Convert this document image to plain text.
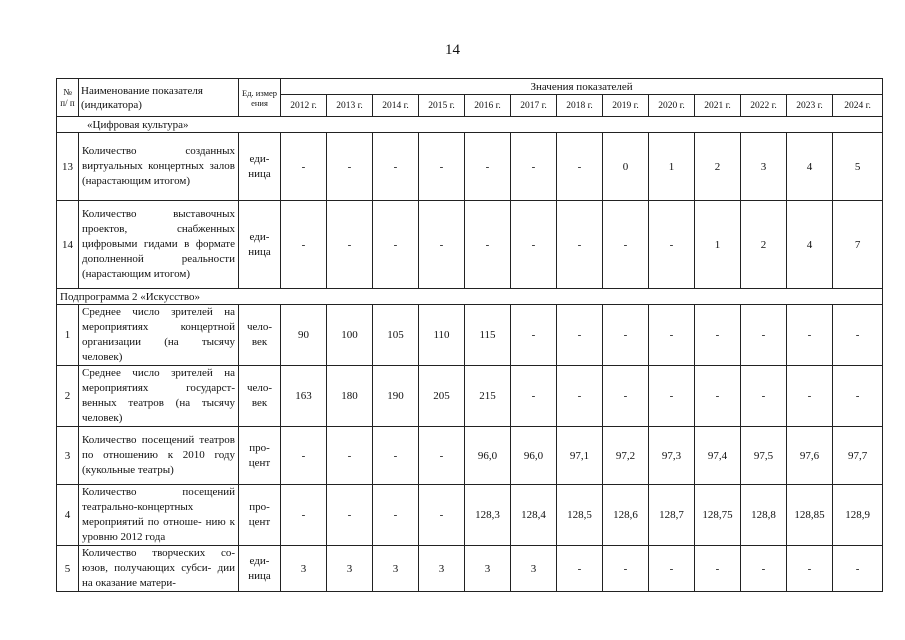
14
№ п/ п	Наименование показателя (индикатора)	Ед. измер ения	Значения показателей												
			2012 г.	2013 г.	2014 г.	2015 г.	2016 г.	2017 г.	2018 г.	2019 г.	2020 г.	2021 г.	2022 г.	2023 г.	2024 г.
«Цифровая культура»															
13	Количество созданных виртуальных концертных залов (нарастающим итогом)	еди- ница	-	-	-	-	-	-	-	0	1	2	3	4	5
14	Количество выставочных проектов, снабженных цифровыми гидами в формате дополненной реальности (нарастающим итогом)	еди- ница	-	-	-	-	-	-	-	-	-	1	2	4	7
Подпрограмма 2 «Искусство»															
1	Среднее число зрителей на мероприятиях концертной организации (на тысячу человек)	чело- век	90	100	105	110	115	-	-	-	-	-	-	-	-
2	Среднее число зрителей на мероприятиях государст- венных театров (на тысячу человек)	чело- век	163	180	190	205	215	-	-	-	-	-	-	-	-
3	Количество посещений театров по отношению к 2010 году (кукольные театры)	про- цент	-	-	-	-	96,0	96,0	97,1	97,2	97,3	97,4	97,5	97,6	97,7
4	Количество посещений театрально-концертных мероприятий по отноше- нию к уровню 2012 года	про- цент	-	-	-	-	128,3	128,4	128,5	128,6	128,7	128,75	128,8	128,85	128,9
5	Количество творческих со- юзов, получающих субси- дии на оказание матери-	еди- ница	3	3	3	3	3	3	-	-	-	-	-	-	-
